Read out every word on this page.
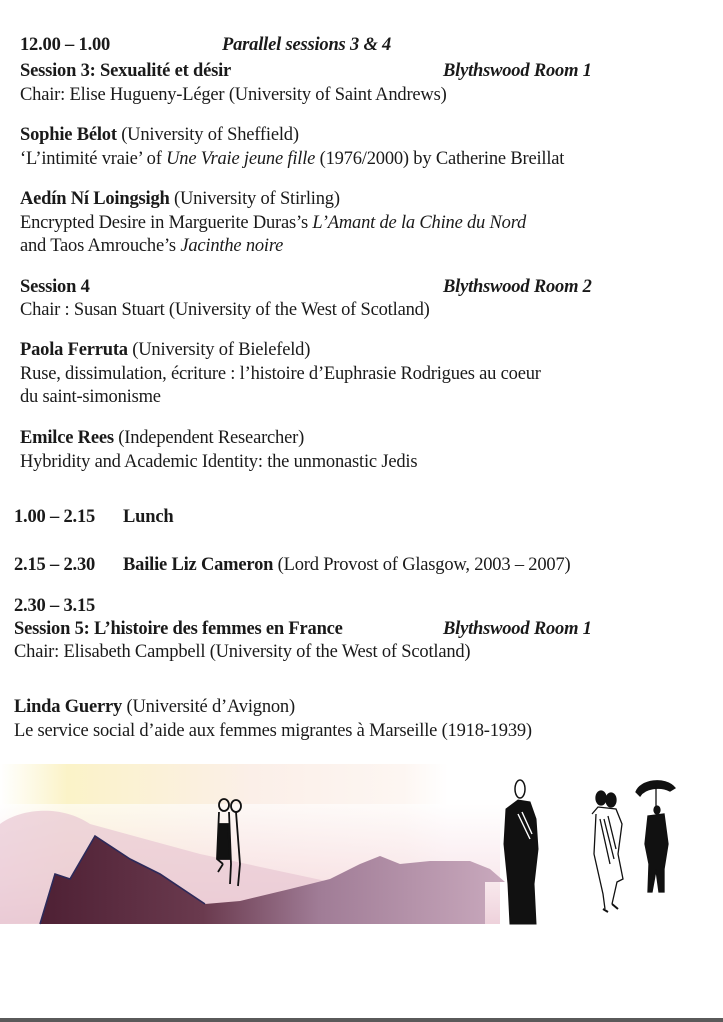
12.00 – 1.00	Parallel sessions 3 & 4
Session 3: Sexualité et désir	Blythswood Room 1
Chair: Elise Hugueny-Léger (University of Saint Andrews)
Sophie Bélot (University of Sheffield)
‘L’intimité vraie’ of Une Vraie jeune fille (1976/2000) by Catherine Breillat
Aedín Ní Loingsigh (University of Stirling)
Encrypted Desire in Marguerite Duras’s L’Amant de la Chine du Nord
and Taos Amrouche’s Jacinthe noire
Session 4	Blythswood Room 2
Chair : Susan Stuart (University of the West of Scotland)
Paola Ferruta (University of Bielefeld)
Ruse, dissimulation, écriture : l’histoire d’Euphrasie Rodrigues au coeur
du saint-simonisme
Emilce Rees (Independent Researcher)
Hybridity and Academic Identity: the unmonastic Jedis
1.00 – 2.15 Lunch
2.15 – 2.30 Bailie Liz Cameron (Lord Provost of Glasgow, 2003 – 2007)
2.30 – 3.15
Session 5: L’histoire des femmes en France	Blythswood Room 1
Chair: Elisabeth Campbell (University of the West of Scotland)
Linda Guerry (Université d’Avignon)
Le service social d’aide aux femmes migrantes à Marseille (1918-1939)
